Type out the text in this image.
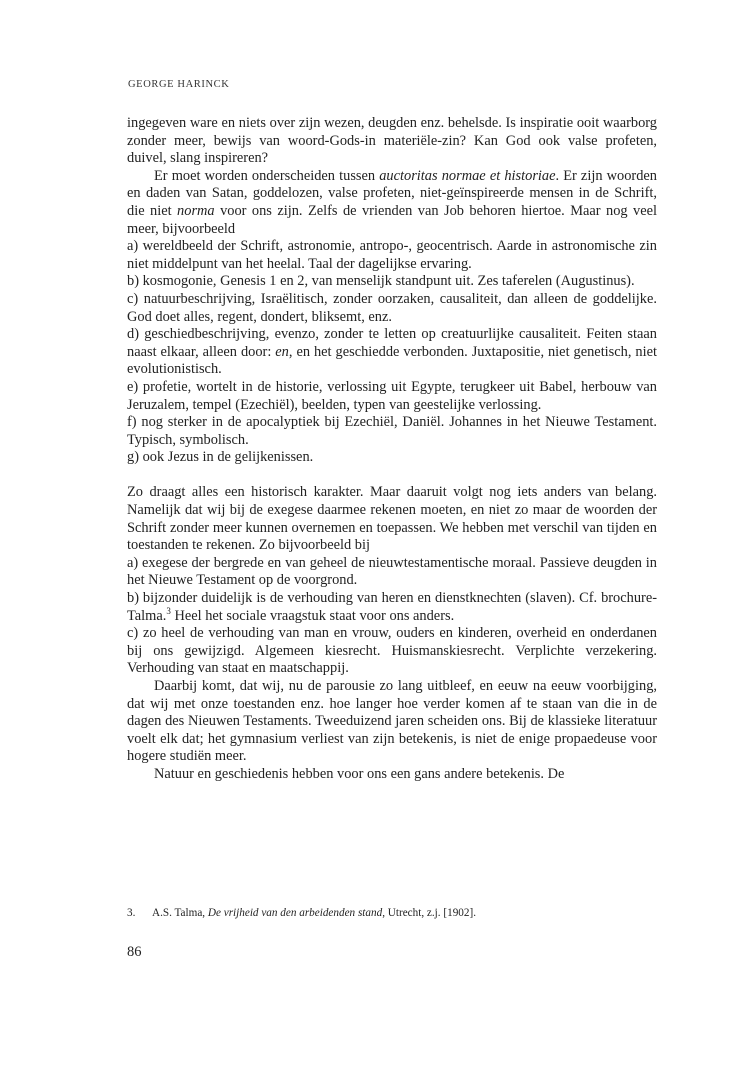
GEORGE HARINCK

ingegeven ware en niets over zijn wezen, deugden enz. behelsde. Is inspiratie ooit waarborg zonder meer, bewijs van woord-Gods-in materiële-zin? Kan God ook valse profeten, duivel, slang inspireren?

Er moet worden onderscheiden tussen auctoritas normae et historiae. Er zijn woorden en daden van Satan, goddelozen, valse profeten, niet-geïnspireerde mensen in de Schrift, die niet norma voor ons zijn. Zelfs de vrienden van Job behoren hiertoe. Maar nog veel meer, bijvoorbeeld

a) wereldbeeld der Schrift, astronomie, antropo-, geocentrisch. Aarde in astronomische zin niet middelpunt van het heelal. Taal der dagelijkse ervaring.

b) kosmogonie, Genesis 1 en 2, van menselijk standpunt uit. Zes taferelen (Augustinus).

c) natuurbeschrijving, Israëlitisch, zonder oorzaken, causaliteit, dan alleen de goddelijke. God doet alles, regent, dondert, bliksemt, enz.

d) geschiedbeschrijving, evenzo, zonder te letten op creatuurlijke causaliteit. Feiten staan naast elkaar, alleen door: en, en het geschiedde verbonden. Juxtapositie, niet genetisch, niet evolutionistisch.

e) profetie, wortelt in de historie, verlossing uit Egypte, terugkeer uit Babel, herbouw van Jeruzalem, tempel (Ezechiël), beelden, typen van geestelijke verlossing.

f) nog sterker in de apocalyptiek bij Ezechiël, Daniël. Johannes in het Nieuwe Testament. Typisch, symbolisch.

g) ook Jezus in de gelijkenissen.

Zo draagt alles een historisch karakter. Maar daaruit volgt nog iets anders van belang. Namelijk dat wij bij de exegese daarmee rekenen moeten, en niet zo maar de woorden der Schrift zonder meer kunnen overnemen en toepassen. We hebben met verschil van tijden en toestanden te rekenen. Zo bijvoorbeeld bij

a) exegese der bergrede en van geheel de nieuwtestamentische moraal. Passieve deugden in het Nieuwe Testament op de voorgrond.

b) bijzonder duidelijk is de verhouding van heren en dienstknechten (slaven). Cf. brochure-Talma.$^3$ Heel het sociale vraagstuk staat voor ons anders.

c) zo heel de verhouding van man en vrouw, ouders en kinderen, overheid en onderdanen bij ons gewijzigd. Algemeen kiesrecht. Huismanskiesrecht. Verplichte verzekering. Verhouding van staat en maatschappij.

Daarbij komt, dat wij, nu de parousie zo lang uitbleef, en eeuw na eeuw voorbijging, dat wij met onze toestanden enz. hoe langer hoe verder komen af te staan van die in de dagen des Nieuwen Testaments. Tweeduizend jaren scheiden ons. Bij de klassieke literatuur voelt elk dat; het gymnasium verliest van zijn betekenis, is niet de enige propaedeuse voor hogere studiën meer.

Natuur en geschiedenis hebben voor ons een gans andere betekenis. De

3. A.S. Talma, De vrijheid van den arbeidenden stand, Utrecht, z.j. [1902].
86
